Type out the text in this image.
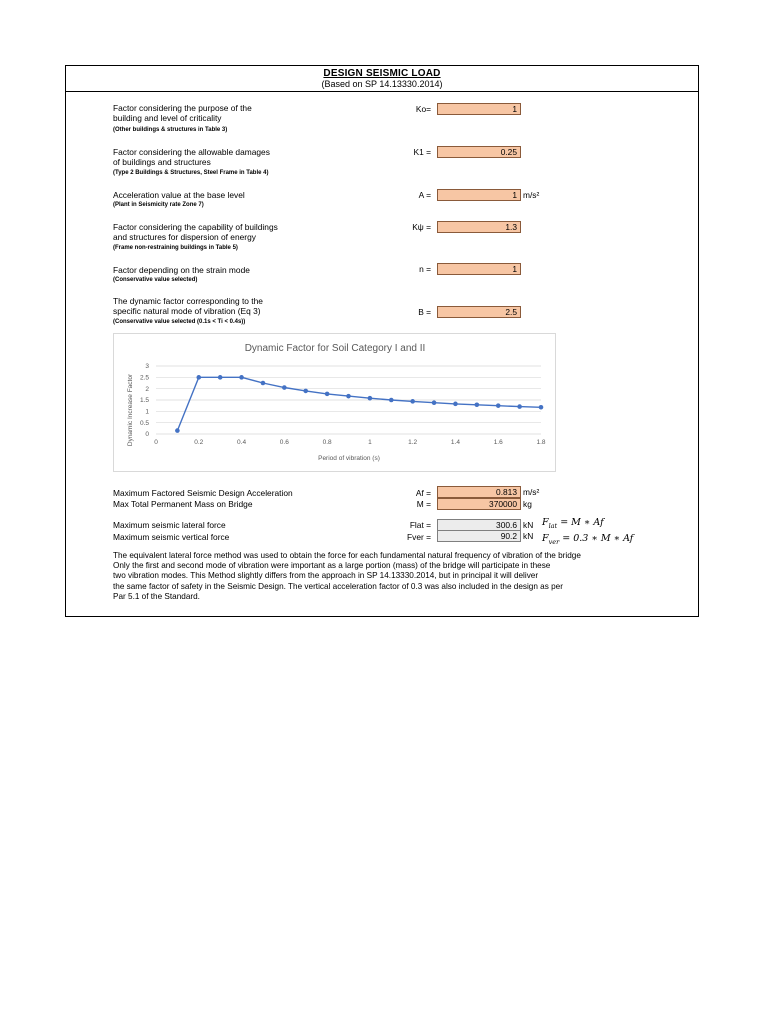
DESIGN SEISMIC LOAD
(Based on SP 14.13330.2014)
Factor considering the purpose of the
building and level of criticality
(Other buildings & structures in Table 3)
Ko=	1
Factor considering the allowable damages
of buildings and structures
(Type 2 Buildings & Structures, Steel Frame in Table 4)
K1 =	0.25
Acceleration value at the base level
(Plant in Seismicity rate Zone 7)
A =	1 m/s²
Factor considering the capability of buildings
and structures for dispersion of energy
(Frame non-restraining buildings in Table 5)
Kψ =	1.3
Factor depending on the strain mode
(Conservative value selected)
n =	1
The dynamic factor corresponding to the
specific natural mode of vibration (Eq 3)
(Conservative value selected (0.1s < Ti < 0.4s))
B =	2.5
Dynamic Factor for Soil Category I and II
Dynamic Increase Factor
Period of vibration (s)
0
0.5
1
1.5
2
2.5
3
0	0.2	0.4	0.6	0.8	1	1.2	1.4	1.6	1.8
Maximum Factored Seismic Design Acceleration	Af =	0.813 m/s²
Max Total Permanent Mass on Bridge	M =	370000 kg
Maximum seismic lateral force	Flat =	300.6 kN $F_{lat} = M$ ∗ Af
Maximum seismic vertical force	Fver =	90.2 kN $F_{ver} = 0.3$ ∗ M ∗ Af
The equivalent lateral force method was used to obtain the force for each fundamental natural frequency of vibration of the bridge
Only the first and second mode of vibration were important as a large portion (mass) of the bridge will participate in these
two vibration modes. This Method slightly differs from the approach in SP 14.13330.2014, but in principal it will deliver
the same factor of safety in the Seismic Design. The vertical acceleration factor of 0.3 was also included in the design as per
Par 5.1 of the Standard.
